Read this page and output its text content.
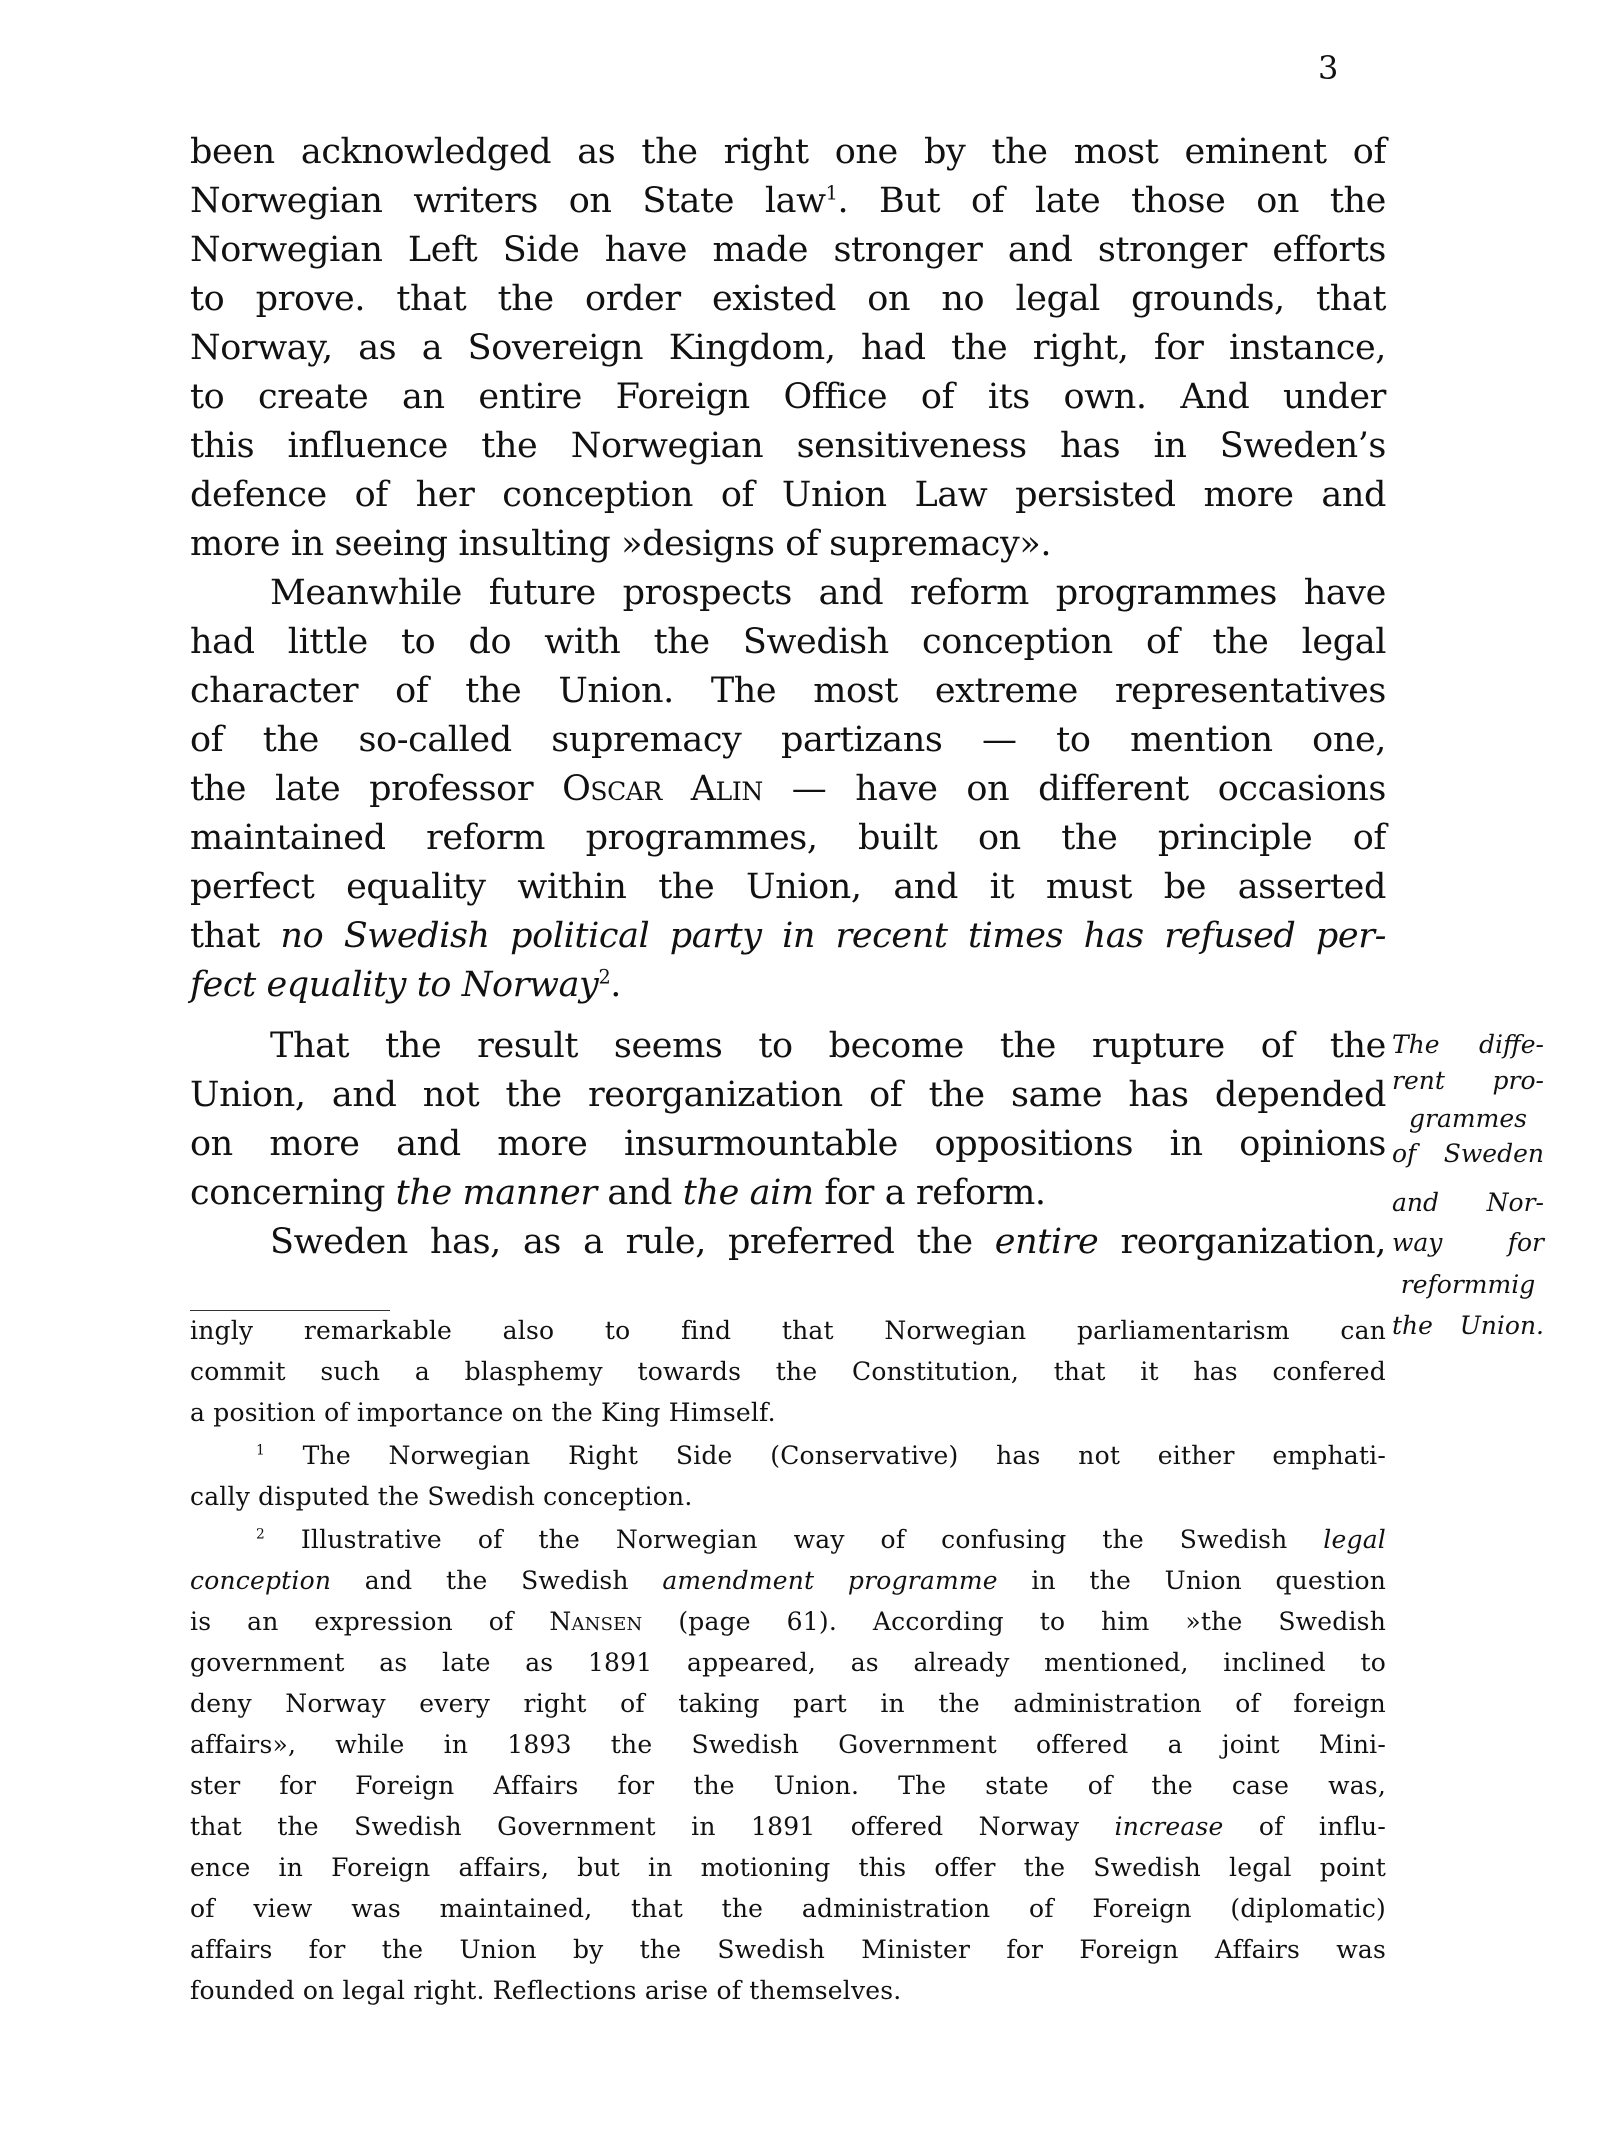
3
been acknowledged as the right one by the most eminent of
Norwegian writers on State law$^1$. But of late those on the
Norwegian Left Side have made stronger and stronger efforts
to prove. that the order existed on no legal grounds, that
Norway, as a Sovereign Kingdom, had the right, for instance,
to create an entire Foreign Office of its own. And under
this influence the Norwegian sensitiveness has in Sweden’s
defence of her conception of Union Law persisted more and
more in seeing insulting »designs of supremacy».
Meanwhile future prospects and reform programmes have
had little to do with the Swedish conception of the legal
character of the Union. The most extreme representatives
of the so-called supremacy partizans — to mention one,
the late professor Oscar Alin — have on different occasions
maintained reform programmes, built on the principle of
perfect equality within the Union, and it must be asserted
that no Swedish political party in recent times has refused per-
fect equality to Norway$^2$.
That the result seems to become the rupture of the
Union, and not the reorganization of the same has depended
on more and more insurmountable oppositions in opinions
concerning the manner and the aim for a reform.
Sweden has, as a rule, preferred the entire reorganization,
The diffe-
rent pro-
grammes
of Sweden
and Nor-
way for
reformmig
the Union.
ingly remarkable also to find that Norwegian parliamentarism can
commit such a blasphemy towards the Constitution, that it has confered
a position of importance on the King Himself.
$^1$ The Norwegian Right Side (Conservative) has not either emphati-
cally disputed the Swedish conception.
$^2$ Illustrative of the Norwegian way of confusing the Swedish legal
conception and the Swedish amendment programme in the Union question
is an expression of Nansen (page 61). According to him »the Swedish
government as late as 1891 appeared, as already mentioned, inclined to
deny Norway every right of taking part in the administration of foreign
affairs», while in 1893 the Swedish Government offered a joint Mini-
ster for Foreign Affairs for the Union. The state of the case was,
that the Swedish Government in 1891 offered Norway increase of influ-
ence in Foreign affairs, but in motioning this offer the Swedish legal point
of view was maintained, that the administration of Foreign (diplomatic)
affairs for the Union by the Swedish Minister for Foreign Affairs was
founded on legal right. Reflections arise of themselves.
